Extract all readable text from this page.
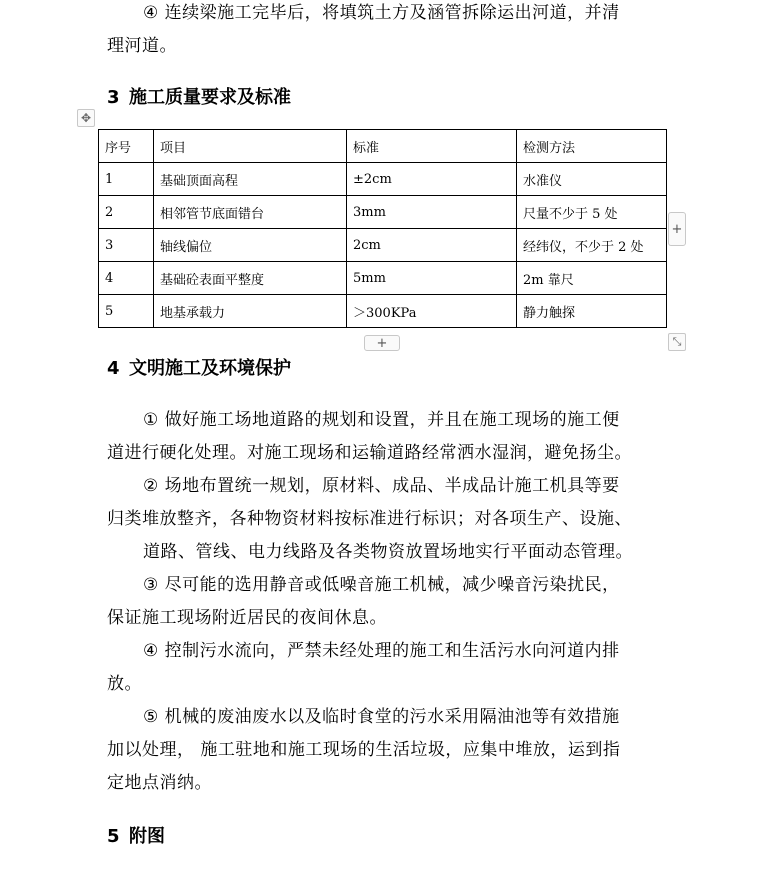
④ 连续梁施工完毕后，将填筑土方及涵管拆除运出河道，并清
理河道。
3 施工质量要求及标准
✥
序号	项目	标准	检测方法
1	基础顶面高程	±2cm	水准仪
2	相邻管节底面错台	3mm	尺量不少于 5 处
3	轴线偏位	2cm	经纬仪，不少于 2 处
4	基础砼表面平整度	5mm	2m 靠尺
5	地基承载力	＞300KPa	静力触探
+
+	⤡
4 文明施工及环境保护
① 做好施工场地道路的规划和设置，并且在施工现场的施工便
道进行硬化处理。对施工现场和运输道路经常洒水湿润，避免扬尘。
② 场地布置统一规划，原材料、成品、半成品计施工机具等要
归类堆放整齐，各种物资材料按标准进行标识；对各项生产、设施、
道路、管线、电力线路及各类物资放置场地实行平面动态管理。
③ 尽可能的选用静音或低噪音施工机械，减少噪音污染扰民，
保证施工现场附近居民的夜间休息。
④ 控制污水流向，严禁未经处理的施工和生活污水向河道内排
放。
⑤ 机械的废油废水以及临时食堂的污水采用隔油池等有效措施
加以处理， 施工驻地和施工现场的生活垃圾，应集中堆放，运到指
定地点消纳。
5 附图
